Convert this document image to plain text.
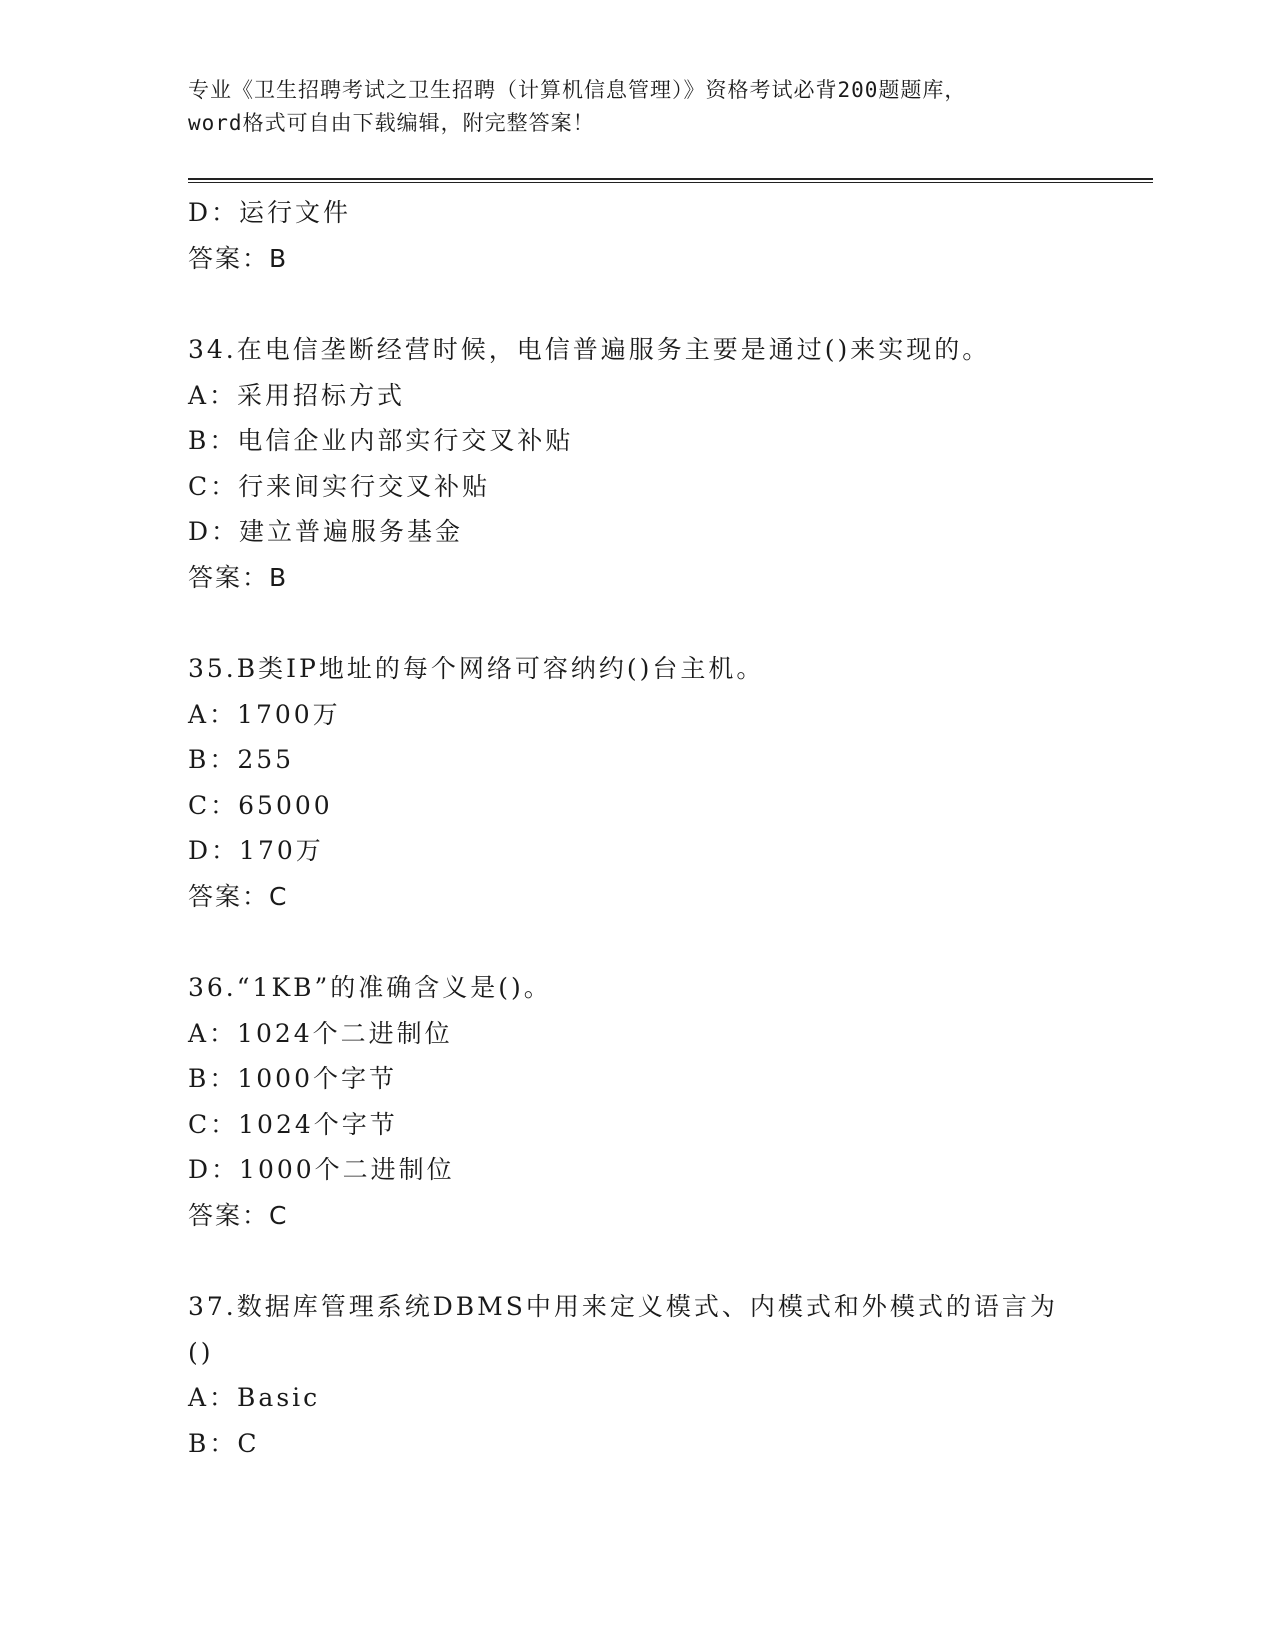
专业《卫生招聘考试之卫生招聘（计算机信息管理）》资格考试必背200题题库，
word格式可自由下载编辑，附完整答案！
D：运行文件
答案：B
34.在电信垄断经营时候，电信普遍服务主要是通过()来实现的。
A：采用招标方式
B：电信企业内部实行交叉补贴
C：行来间实行交叉补贴
D：建立普遍服务基金
答案：B
35.B类IP地址的每个网络可容纳约()台主机。
A：1700万
B：255
C：65000
D：170万
答案：C
36.“1KB”的准确含义是()。
A：1024个二进制位
B：1000个字节
C：1024个字节
D：1000个二进制位
答案：C
37.数据库管理系统DBMS中用来定义模式、内模式和外模式的语言为
()
A：Basic
B：C
